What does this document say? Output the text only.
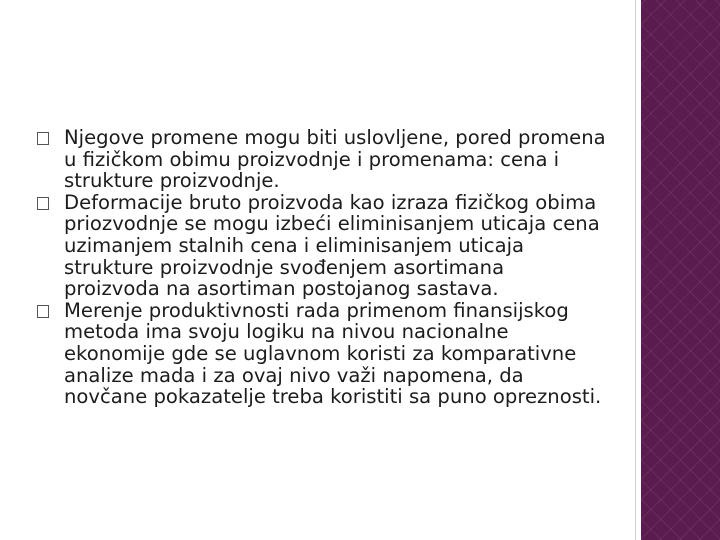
Njegove promene mogu biti uslovljene, pored promena u fizičkom obimu proizvodnje i promenama: cena i strukture proizvodnje.
Deformacije bruto proizvoda kao izraza fizičkog obima priozvodnje se mogu izbeći eliminisanjem uticaja cena uzimanjem stalnih cena i eliminisanjem uticaja strukture proizvodnje svođenjem asortimana proizvoda na asortiman postojanog sastava.
Merenje produktivnosti rada primenom finansijskog metoda ima svoju logiku na nivou nacionalne ekonomije gde se uglavnom koristi za komparativne analize mada i za ovaj nivo važi napomena, da novčane pokazatelje treba koristiti sa puno opreznosti.
